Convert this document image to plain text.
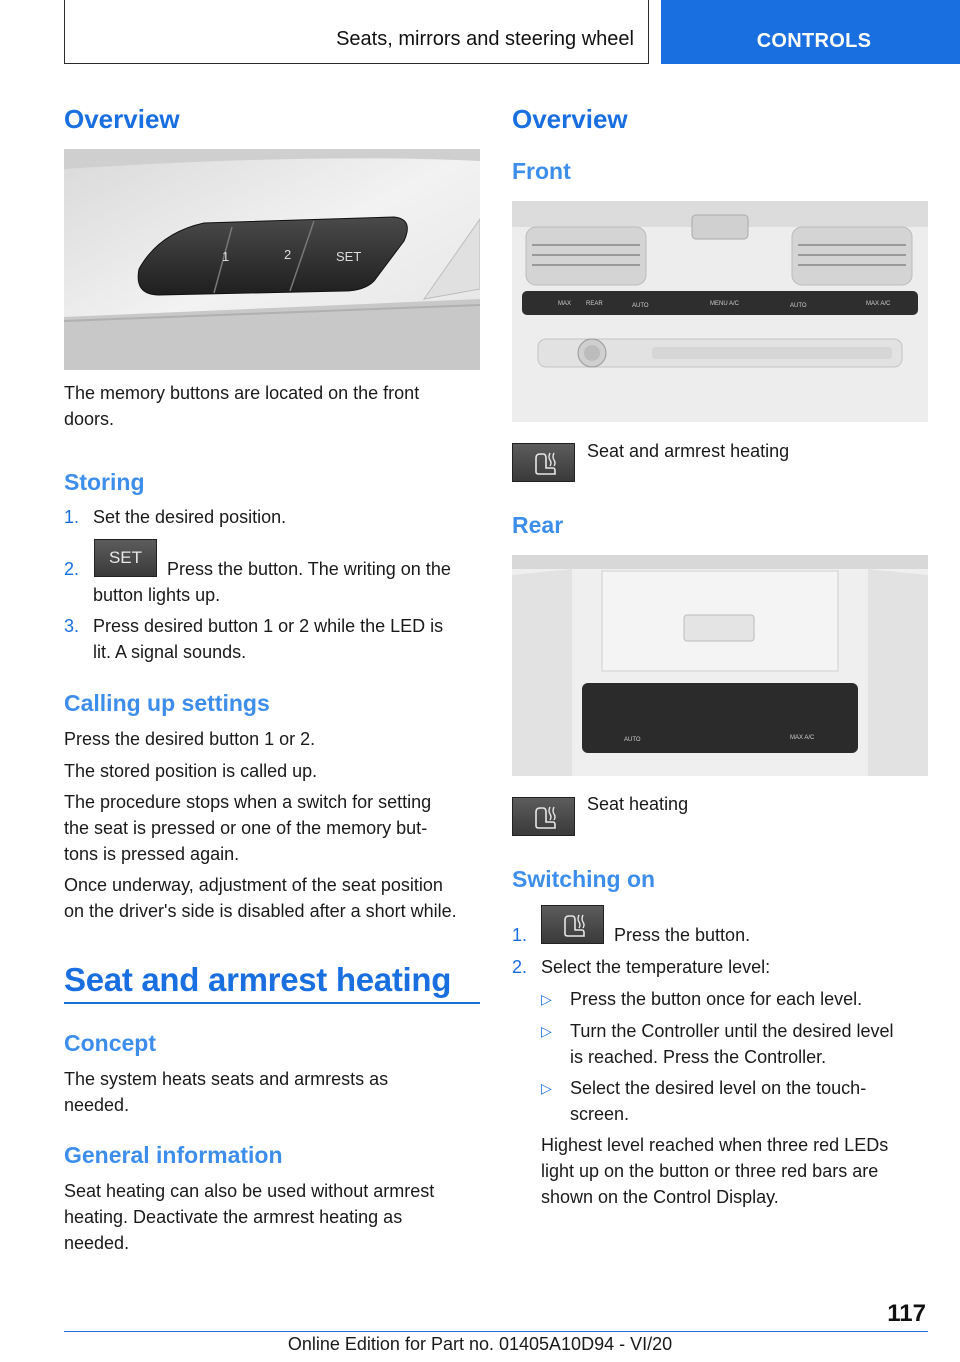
Seats, mirrors and steering wheel	CONTROLS
Overview
1	2	SET

The memory buttons are located on the front

doors.

Storing
1. Set the desired position.
2.
SET
Press the button. The writing on the
button lights up.
3. Press desired button 1 or 2 while the LED is
lit. A signal sounds.
Calling up settings

Press the desired button 1 or 2.

The stored position is called up.

The procedure stops when a switch for setting

the seat is pressed or one of the memory but-

tons is pressed again.

Once underway, adjustment of the seat position

on the driver's side is disabled after a short while.

Seat and armrest heating
Concept

The system heats seats and armrests as

needed.

General information

Seat heating can also be used without armrest

heating. Deactivate the armrest heating as

needed.

Overview
Front
MAX REAR	AUTO	MENU A/C	AUTO	MAX A/C

Seat and armrest heating

Rear
AUTO	MAX A/C

Seat heating

Switching on
1.	Press the button.
2. Select the temperature level:
▷ Press the button once for each level.
▷ Turn the Controller until the desired level
is reached. Press the Controller.
▷ Select the desired level on the touch-
screen.

Highest level reached when three red LEDs

light up on the button or three red bars are

shown on the Control Display.

117
Online Edition for Part no. 01405A10D94 - VI/20
